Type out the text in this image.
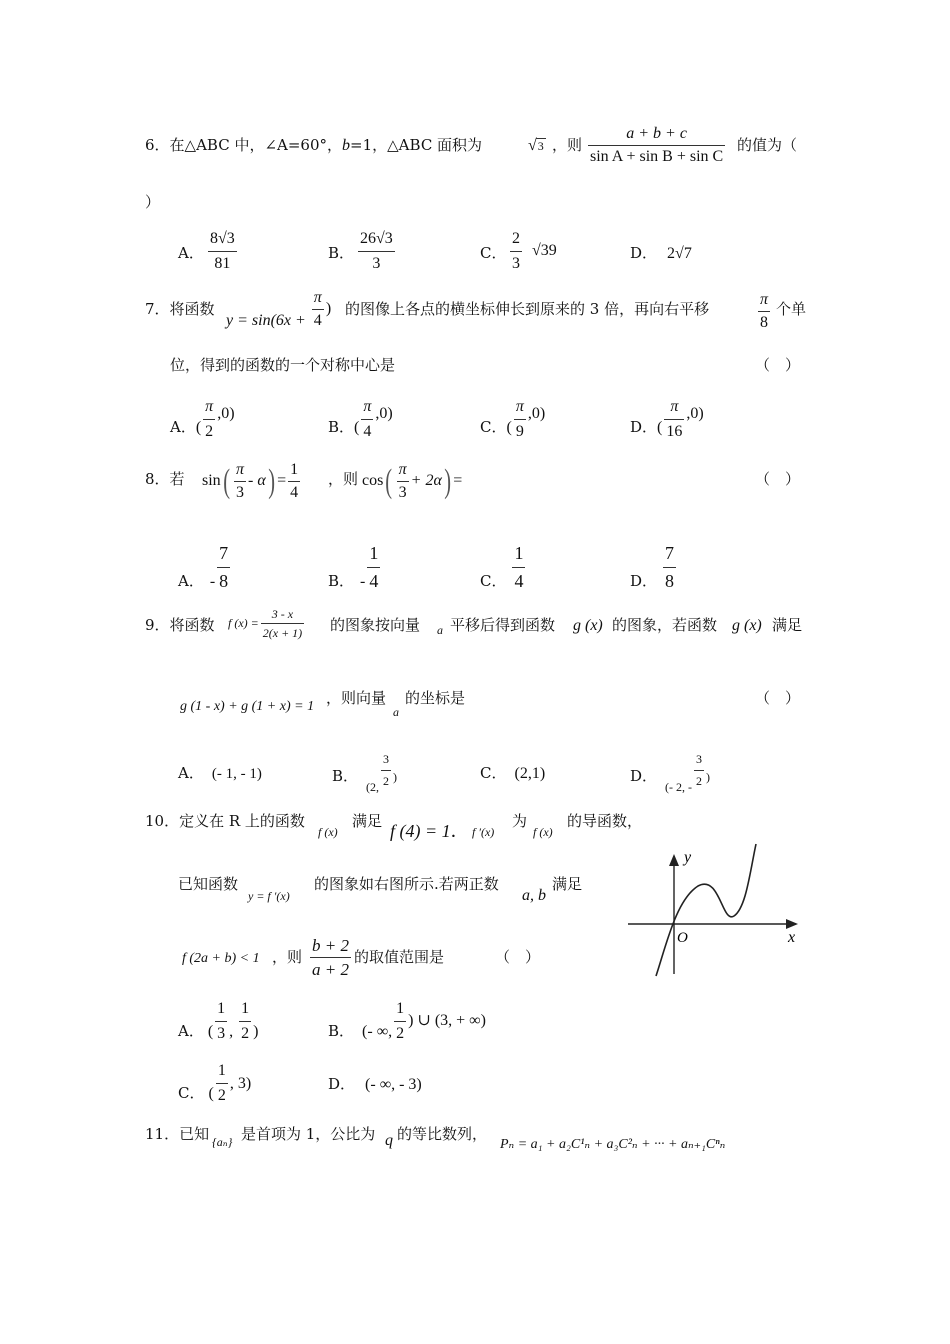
6．在△ABC 中，∠A=60°，b=1，△ABC 面积为	√3 ，则 $\frac{a + b + c}{\text{sin A + sin B + sin C}}$ 的值为（
）
A． $\frac{8√3}{81}$	B． $\frac{26√3}{3}$	C． $\frac{2}{3} √39$	D． 2√7
7．将函数
$y = \sin(6x + \frac{\pi}{4}$ ) 的图像上各点的横坐标伸长到原来的 3 倍，再向右平移	$\frac{\pi}{8}$ 个单
位，得到的函数的一个对称中心是	（　）
A．( $\frac{\pi}{2} ,0$)
B．( $\frac{\pi}{4} ,0$)
C．( $\frac{\pi}{9} ,0$)
D．( $\frac{\pi}{16} ,0$)
8．若 $\sin( \frac{\pi}{3} - \alpha) = \frac{1}{4}$ ，则 $\cos( \frac{\pi}{3} + 2\alpha)$ =	（　）
A． - $\frac{7}{8}$	B． - $\frac{1}{4}$	C． $\frac{1}{4}$	D． $\frac{7}{8}$
9．将函数 f $(x) = \frac{3 - x}{2(x + 1)}$ 的图象按向量 a 平移后得到函数 g (x) 的图象，若函数 g (x) 满足
g (1 - x) + g (1 + x) = 1 ，则向量
a
的坐标是	（　）
A． (- 1, - 1)	B．$_{(2,} \frac{3}{2} _)$	C． (2,1)	D．$_{(- 2, -} \frac{3}{2} _)$
10．定义在 R 上的函数
f (x)
满足 f (4) = 1． f ′(x)
为
f (x)
的导函数，
已知函数
y = f ′(x)
的图象如右图所示.若两正数
a, b
满足
f (2a + b) < 1 ，则 $\frac{b + 2}{a + 2}$ 的取值范围是	（　）
y
x
O
A． ( $\frac{1}{3}$ , $\frac{1}{2}$ )	B． (- ∞, $\frac{1}{2}$ ) ∪ (3, + ∞)
C． ( $\frac{1}{2}$ , 3)	D． (- ∞, - 3)
11．已知 {aₙ} 是首项为 1，公比为 q 的等比数列，
Pₙ = a₁ + a₂C¹ₙ + a₃C²ₙ + ··· + aₙ₊₁Cⁿₙ
